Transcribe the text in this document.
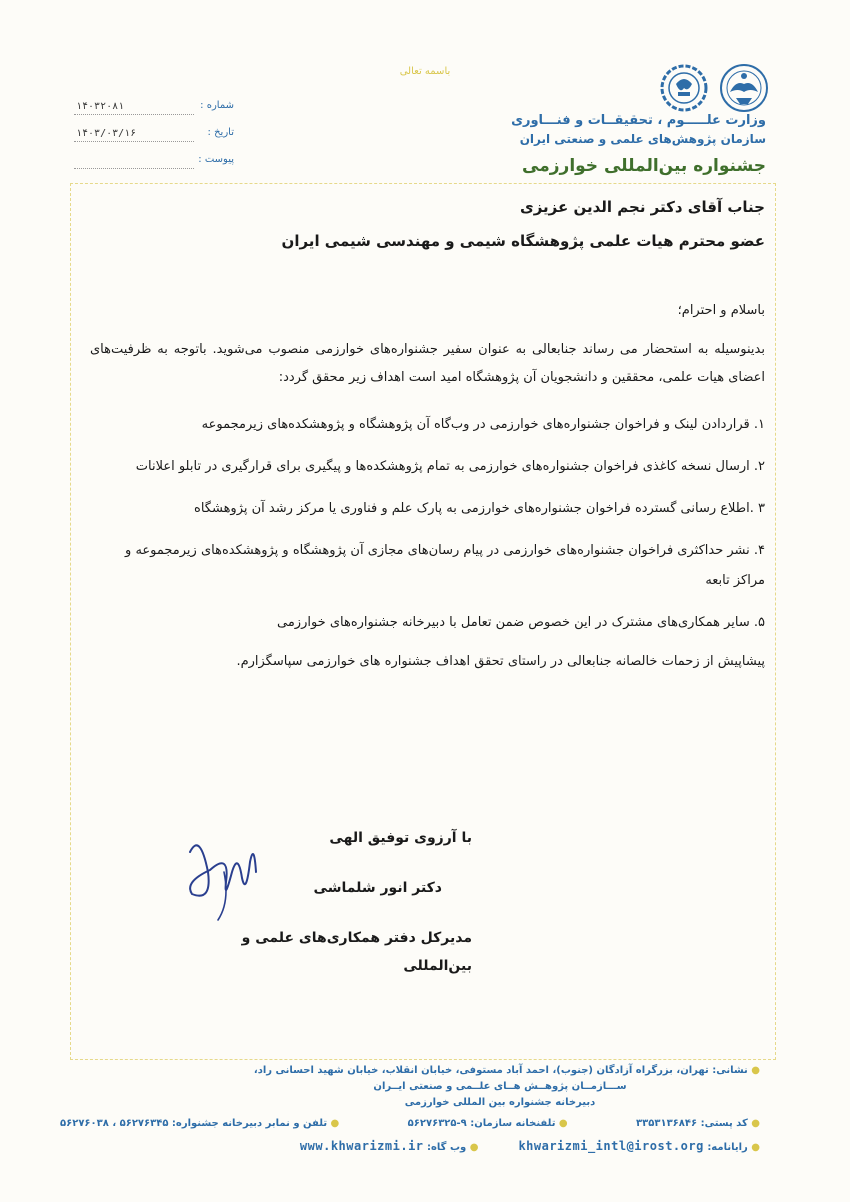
باسمه تعالی
وزارت علـــــوم ، تحقیقــات و فنـــاوری
سازمان پژوهش‌های علمی و صنعتی ایران
جشنواره بین‌المللی خوارزمی
شماره :
۱۴۰۳۲۰۸۱
تاریخ :
۱۴۰۳/۰۳/۱۶
پیوست :
جناب آقای دکتر نجم الدین عزیزی
عضو محترم هیات علمی پژوهشگاه شیمی و مهندسی شیمی ایران
باسلام و احترام؛
بدینوسیله به استحضار می رساند جنابعالی به عنوان سفیر جشنواره‌های خوارزمی منصوب می‌شوید. باتوجه به ظرفیت‌های اعضای هیات علمی، محققین و دانشجویان آن پژوهشگاه امید است اهداف زیر محقق گردد:
۱. قراردادن لینک و فراخوان جشنواره‌های خوارزمی در وب‌گاه آن پژوهشگاه و پژوهشکده‌های زیرمجموعه
۲. ارسال نسخه کاغذی فراخوان جشنواره‌های خوارزمی به تمام پژوهشکده‌ها و پیگیری برای قرارگیری در تابلو اعلانات
۳ .اطلاع رسانی گسترده فراخوان جشنواره‌های خوارزمی به پارک علم و فناوری یا مرکز رشد آن پژوهشگاه
۴. نشر حداکثری فراخوان جشنواره‌های خوارزمی در پیام رسان‌های مجازی آن پژوهشگاه و پژوهشکده‌های زیرمجموعه و مراکز تابعه
۵. سایر همکاری‌های مشترک در این خصوص ضمن تعامل با دبیرخانه جشنواره‌های خوارزمی
پیشاپیش از زحمات خالصانه جنابعالی در راستای تحقق اهداف جشنواره های خوارزمی سپاسگزارم.
با آرزوی توفیق الهی
دکتر انور شلماشی
مدیرکل دفتر همکاری‌های علمی و بین‌المللی
● نشانی: تهران، بزرگراه آزادگان (جنوب)، احمد آباد مستوفی، خیابان انقلاب، خیابان شهید احسانی راد،
ســـازمــان پژوهــش هــای علــمی و صنعتی ایــران
دبیرخانه جشنواره بین المللی خوارزمی
● کد پستی: ۳۳۵۳۱۳۶۸۴۶
● تلفنخانه سازمان: ۹-۵۶۲۷۶۳۲۵
● تلفن و نمابر دبیرخانه جشنواره: ۵۶۲۷۶۳۴۵ ، ۵۶۲۷۶۰۳۸
● رایانامه: khwarizmi_intl@irost.org
● وب گاه: www.khwarizmi.ir
